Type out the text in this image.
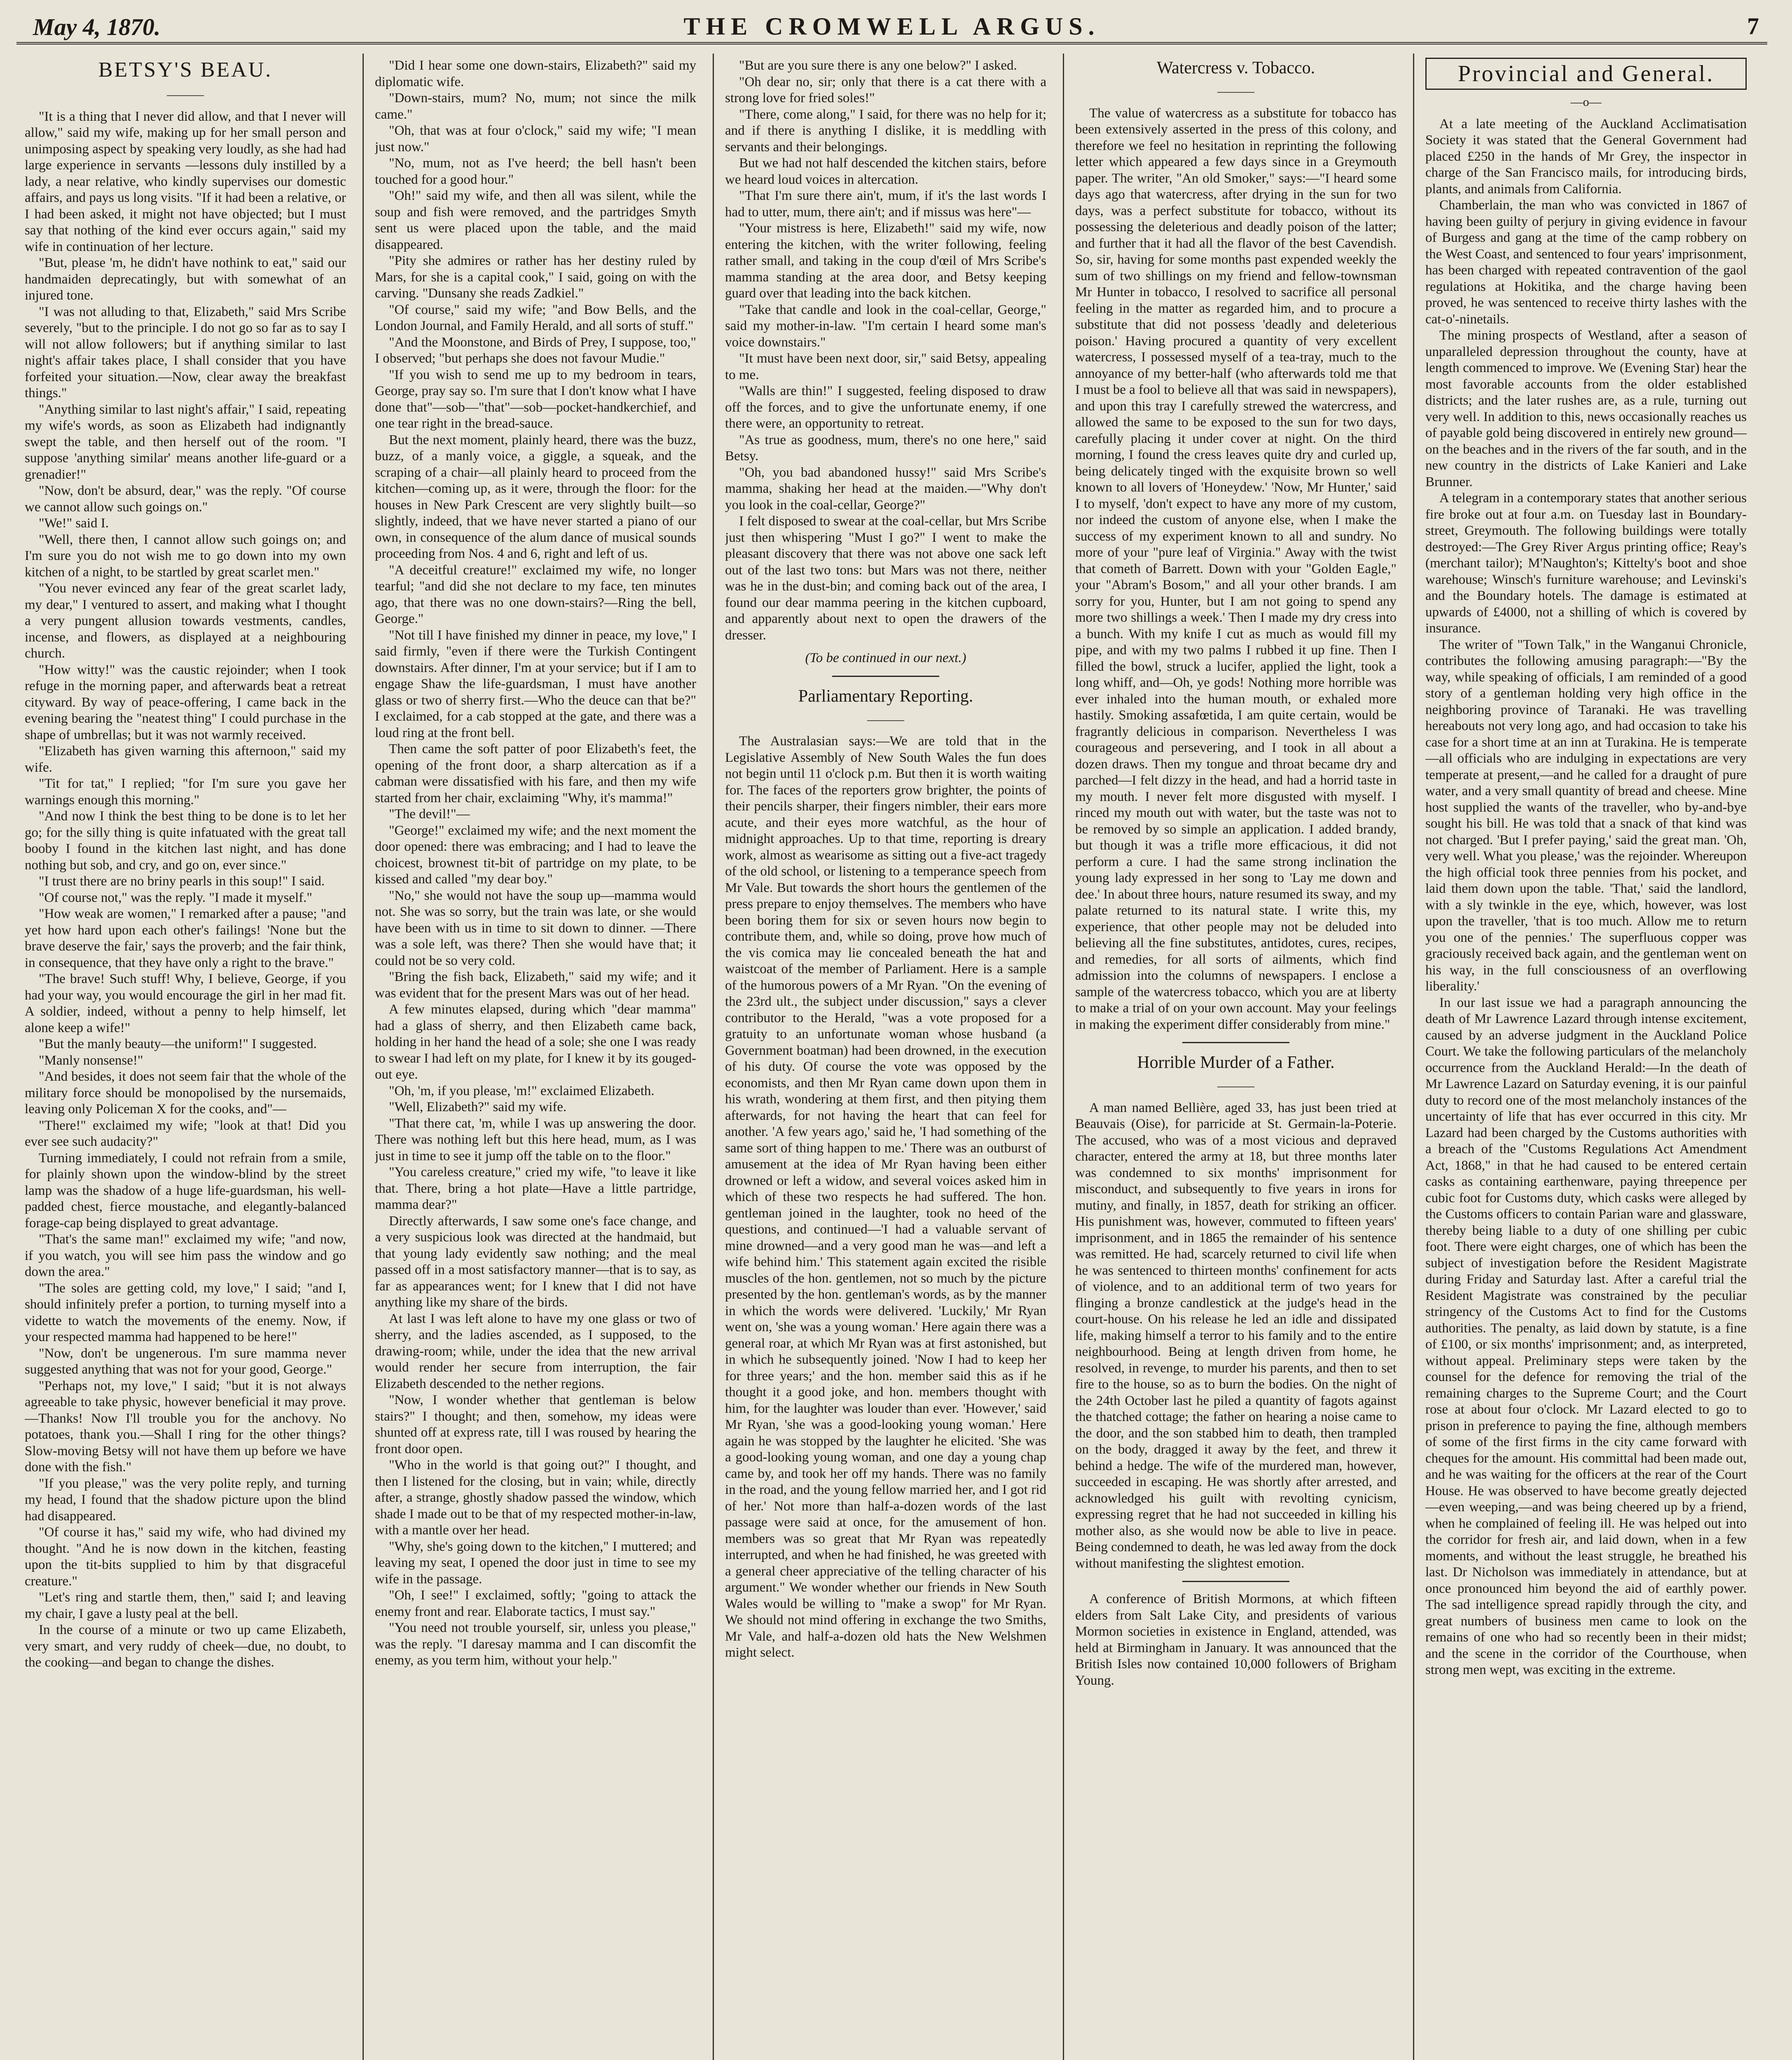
May 4, 1870.	THE CROMWELL ARGUS.	7
BETSY'S BEAU.
———

"It is a thing that I never did allow, and that I never will allow," said my wife, making up for her small person and unimposing aspect by speaking very loudly, as she had had large experience in servants —lessons duly instilled by a lady, a near relative, who kindly supervises our domestic affairs, and pays us long visits. "If it had been a relative, or I had been asked, it might not have objected; but I must say that nothing of the kind ever occurs again," said my wife in continuation of her lecture.

"But, please 'm, he didn't have nothink to eat," said our handmaiden deprecatingly, but with somewhat of an injured tone.

"I was not alluding to that, Elizabeth," said Mrs Scribe severely, "but to the principle. I do not go so far as to say I will not allow followers; but if anything similar to last night's affair takes place, I shall consider that you have forfeited your situation.—Now, clear away the breakfast things."

"Anything similar to last night's affair," I said, repeating my wife's words, as soon as Elizabeth had indignantly swept the table, and then herself out of the room. "I suppose 'anything similar' means another life-guard or a grenadier!"

"Now, don't be absurd, dear," was the reply. "Of course we cannot allow such goings on."

"We!" said I.

"Well, there then, I cannot allow such goings on; and I'm sure you do not wish me to go down into my own kitchen of a night, to be startled by great scarlet men."

"You never evinced any fear of the great scarlet lady, my dear," I ventured to assert, and making what I thought a very pungent allusion towards vestments, candles, incense, and flowers, as displayed at a neighbouring church.

"How witty!" was the caustic rejoinder; when I took refuge in the morning paper, and afterwards beat a retreat cityward. By way of peace-offering, I came back in the evening bearing the "neatest thing" I could purchase in the shape of umbrellas; but it was not warmly received.

"Elizabeth has given warning this afternoon," said my wife.

"Tit for tat," I replied; "for I'm sure you gave her warnings enough this morning."

"And now I think the best thing to be done is to let her go; for the silly thing is quite infatuated with the great tall booby I found in the kitchen last night, and has done nothing but sob, and cry, and go on, ever since."

"I trust there are no briny pearls in this soup!" I said.

"Of course not," was the reply. "I made it myself."

"How weak are women," I remarked after a pause; "and yet how hard upon each other's failings! 'None but the brave deserve the fair,' says the proverb; and the fair think, in consequence, that they have only a right to the brave."

"The brave! Such stuff! Why, I believe, George, if you had your way, you would encourage the girl in her mad fit. A soldier, indeed, without a penny to help himself, let alone keep a wife!"

"But the manly beauty—the uniform!" I suggested.

"Manly nonsense!"

"And besides, it does not seem fair that the whole of the military force should be monopolised by the nursemaids, leaving only Policeman X for the cooks, and"—

"There!" exclaimed my wife; "look at that! Did you ever see such audacity?"

Turning immediately, I could not refrain from a smile, for plainly shown upon the window-blind by the street lamp was the shadow of a huge life-guardsman, his well-padded chest, fierce moustache, and elegantly-balanced forage-cap being displayed to great advantage.

"That's the same man!" exclaimed my wife; "and now, if you watch, you will see him pass the window and go down the area."

"The soles are getting cold, my love," I said; "and I, should infinitely prefer a portion, to turning myself into a vidette to watch the movements of the enemy. Now, if your respected mamma had happened to be here!"

"Now, don't be ungenerous. I'm sure mamma never suggested anything that was not for your good, George."

"Perhaps not, my love," I said; "but it is not always agreeable to take physic, however beneficial it may prove.—Thanks! Now I'll trouble you for the anchovy. No potatoes, thank you.—Shall I ring for the other things? Slow-moving Betsy will not have them up before we have done with the fish."

"If you please," was the very polite reply, and turning my head, I found that the shadow picture upon the blind had disappeared.

"Of course it has," said my wife, who had divined my thought. "And he is now down in the kitchen, feasting upon the tit-bits supplied to him by that disgraceful creature."

"Let's ring and startle them, then," said I; and leaving my chair, I gave a lusty peal at the bell.

In the course of a minute or two up came Elizabeth, very smart, and very ruddy of cheek—due, no doubt, to the cooking—and began to change the dishes.

"Did I hear some one down-stairs, Elizabeth?" said my diplomatic wife.

"Down-stairs, mum? No, mum; not since the milk came."

"Oh, that was at four o'clock," said my wife; "I mean just now."

"No, mum, not as I've heerd; the bell hasn't been touched for a good hour."

"Oh!" said my wife, and then all was silent, while the soup and fish were removed, and the partridges Smyth sent us were placed upon the table, and the maid disappeared.

"Pity she admires or rather has her destiny ruled by Mars, for she is a capital cook," I said, going on with the carving. "Dunsany she reads Zadkiel."

"Of course," said my wife; "and Bow Bells, and the London Journal, and Family Herald, and all sorts of stuff."

"And the Moonstone, and Birds of Prey, I suppose, too," I observed; "but perhaps she does not favour Mudie."

"If you wish to send me up to my bedroom in tears, George, pray say so. I'm sure that I don't know what I have done that"—sob—"that"—sob—pocket-handkerchief, and one tear right in the bread-sauce.

But the next moment, plainly heard, there was the buzz, buzz, of a manly voice, a giggle, a squeak, and the scraping of a chair—all plainly heard to proceed from the kitchen—coming up, as it were, through the floor: for the houses in New Park Crescent are very slightly built—so slightly, indeed, that we have never started a piano of our own, in consequence of the alum dance of musical sounds proceeding from Nos. 4 and 6, right and left of us.

"A deceitful creature!" exclaimed my wife, no longer tearful; "and did she not declare to my face, ten minutes ago, that there was no one down-stairs?—Ring the bell, George."

"Not till I have finished my dinner in peace, my love," I said firmly, "even if there were the Turkish Contingent downstairs. After dinner, I'm at your service; but if I am to engage Shaw the life-guardsman, I must have another glass or two of sherry first.—Who the deuce can that be?" I exclaimed, for a cab stopped at the gate, and there was a loud ring at the front bell.

Then came the soft patter of poor Elizabeth's feet, the opening of the front door, a sharp altercation as if a cabman were dissatisfied with his fare, and then my wife started from her chair, exclaiming "Why, it's mamma!"

"The devil!"—

"George!" exclaimed my wife; and the next moment the door opened: there was embracing; and I had to leave the choicest, brownest tit-bit of partridge on my plate, to be kissed and called "my dear boy."

"No," she would not have the soup up—mamma would not. She was so sorry, but the train was late, or she would have been with us in time to sit down to dinner. —There was a sole left, was there? Then she would have that; it could not be so very cold.

"Bring the fish back, Elizabeth," said my wife; and it was evident that for the present Mars was out of her head.

A few minutes elapsed, during which "dear mamma" had a glass of sherry, and then Elizabeth came back, holding in her hand the head of a sole; she one I was ready to swear I had left on my plate, for I knew it by its gouged-out eye.

"Oh, 'm, if you please, 'm!" exclaimed Elizabeth.

"Well, Elizabeth?" said my wife.

"That there cat, 'm, while I was up answering the door. There was nothing left but this here head, mum, as I was just in time to see it jump off the table on to the floor."

"You careless creature," cried my wife, "to leave it like that. There, bring a hot plate—Have a little partridge, mamma dear?"

Directly afterwards, I saw some one's face change, and a very suspicious look was directed at the handmaid, but that young lady evidently saw nothing; and the meal passed off in a most satisfactory manner—that is to say, as far as appearances went; for I knew that I did not have anything like my share of the birds.

At last I was left alone to have my one glass or two of sherry, and the ladies ascended, as I supposed, to the drawing-room; while, under the idea that the new arrival would render her secure from interruption, the fair Elizabeth descended to the nether regions.

"Now, I wonder whether that gentleman is below stairs?" I thought; and then, somehow, my ideas were shunted off at express rate, till I was roused by hearing the front door open.

"Who in the world is that going out?" I thought, and then I listened for the closing, but in vain; while, directly after, a strange, ghostly shadow passed the window, which shade I made out to be that of my respected mother-in-law, with a mantle over her head.

"Why, she's going down to the kitchen," I muttered; and leaving my seat, I opened the door just in time to see my wife in the passage.

"Oh, I see!" I exclaimed, softly; "going to attack the enemy front and rear. Elaborate tactics, I must say."

"You need not trouble yourself, sir, unless you please," was the reply. "I daresay mamma and I can discomfit the enemy, as you term him, without your help."

"But are you sure there is any one below?" I asked.

"Oh dear no, sir; only that there is a cat there with a strong love for fried soles!"

"There, come along," I said, for there was no help for it; and if there is anything I dislike, it is meddling with servants and their belongings.

But we had not half descended the kitchen stairs, before we heard loud voices in altercation.

"That I'm sure there ain't, mum, if it's the last words I had to utter, mum, there ain't; and if missus was here"—

"Your mistress is here, Elizabeth!" said my wife, now entering the kitchen, with the writer following, feeling rather small, and taking in the coup d'œil of Mrs Scribe's mamma standing at the area door, and Betsy keeping guard over that leading into the back kitchen.

"Take that candle and look in the coal-cellar, George," said my mother-in-law. "I'm certain I heard some man's voice downstairs."

"It must have been next door, sir," said Betsy, appealing to me.

"Walls are thin!" I suggested, feeling disposed to draw off the forces, and to give the unfortunate enemy, if one there were, an opportunity to retreat.

"As true as goodness, mum, there's no one here," said Betsy.

"Oh, you bad abandoned hussy!" said Mrs Scribe's mamma, shaking her head at the maiden.—"Why don't you look in the coal-cellar, George?"

I felt disposed to swear at the coal-cellar, but Mrs Scribe just then whispering "Must I go?" I went to make the pleasant discovery that there was not above one sack left out of the last two tons: but Mars was not there, neither was he in the dust-bin; and coming back out of the area, I found our dear mamma peering in the kitchen cupboard, and apparently about next to open the drawers of the dresser.

(To be continued in our next.)

Parliamentary Reporting.
———

The Australasian says:—We are told that in the Legislative Assembly of New South Wales the fun does not begin until 11 o'clock p.m. But then it is worth waiting for. The faces of the reporters grow brighter, the points of their pencils sharper, their fingers nimbler, their ears more acute, and their eyes more watchful, as the hour of midnight approaches. Up to that time, reporting is dreary work, almost as wearisome as sitting out a five-act tragedy of the old school, or listening to a temperance speech from Mr Vale. But towards the short hours the gentlemen of the press prepare to enjoy themselves. The members who have been boring them for six or seven hours now begin to contribute them, and, while so doing, prove how much of the vis comica may lie concealed beneath the hat and waistcoat of the member of Parliament. Here is a sample of the humorous powers of a Mr Ryan. "On the evening of the 23rd ult., the subject under discussion," says a clever contributor to the Herald, "was a vote proposed for a gratuity to an unfortunate woman whose husband (a Government boatman) had been drowned, in the execution of his duty. Of course the vote was opposed by the economists, and then Mr Ryan came down upon them in his wrath, wondering at them first, and then pitying them afterwards, for not having the heart that can feel for another. 'A few years ago,' said he, 'I had something of the same sort of thing happen to me.' There was an outburst of amusement at the idea of Mr Ryan having been either drowned or left a widow, and several voices asked him in which of these two respects he had suffered. The hon. gentleman joined in the laughter, took no heed of the questions, and continued—'I had a valuable servant of mine drowned—and a very good man he was—and left a wife behind him.' This statement again excited the risible muscles of the hon. gentlemen, not so much by the picture presented by the hon. gentleman's words, as by the manner in which the words were delivered. 'Luckily,' Mr Ryan went on, 'she was a young woman.' Here again there was a general roar, at which Mr Ryan was at first astonished, but in which he subsequently joined. 'Now I had to keep her for three years;' and the hon. member said this as if he thought it a good joke, and hon. members thought with him, for the laughter was louder than ever. 'However,' said Mr Ryan, 'she was a good-looking young woman.' Here again he was stopped by the laughter he elicited. 'She was a good-looking young woman, and one day a young chap came by, and took her off my hands. There was no family in the road, and the young fellow married her, and I got rid of her.' Not more than half-a-dozen words of the last passage were said at once, for the amusement of hon. members was so great that Mr Ryan was repeatedly interrupted, and when he had finished, he was greeted with a general cheer appreciative of the telling character of his argument." We wonder whether our friends in New South Wales would be willing to "make a swop" for Mr Ryan. We should not mind offering in exchange the two Smiths, Mr Vale, and half-a-dozen old hats the New Welshmen might select.

Watercress v. Tobacco.
———

The value of watercress as a substitute for tobacco has been extensively asserted in the press of this colony, and therefore we feel no hesitation in reprinting the following letter which appeared a few days since in a Greymouth paper. The writer, "An old Smoker," says:—"I heard some days ago that watercress, after drying in the sun for two days, was a perfect substitute for tobacco, without its possessing the deleterious and deadly poison of the latter; and further that it had all the flavor of the best Cavendish. So, sir, having for some months past expended weekly the sum of two shillings on my friend and fellow-townsman Mr Hunter in tobacco, I resolved to sacrifice all personal feeling in the matter as regarded him, and to procure a substitute that did not possess 'deadly and deleterious poison.' Having procured a quantity of very excellent watercress, I possessed myself of a tea-tray, much to the annoyance of my better-half (who afterwards told me that I must be a fool to believe all that was said in newspapers), and upon this tray I carefully strewed the watercress, and allowed the same to be exposed to the sun for two days, carefully placing it under cover at night. On the third morning, I found the cress leaves quite dry and curled up, being delicately tinged with the exquisite brown so well known to all lovers of 'Honeydew.' 'Now, Mr Hunter,' said I to myself, 'don't expect to have any more of my custom, nor indeed the custom of anyone else, when I make the success of my experiment known to all and sundry. No more of your "pure leaf of Virginia." Away with the twist that cometh of Barrett. Down with your "Golden Eagle," your "Abram's Bosom," and all your other brands. I am sorry for you, Hunter, but I am not going to spend any more two shillings a week.' Then I made my dry cress into a bunch. With my knife I cut as much as would fill my pipe, and with my two palms I rubbed it up fine. Then I filled the bowl, struck a lucifer, applied the light, took a long whiff, and—Oh, ye gods! Nothing more horrible was ever inhaled into the human mouth, or exhaled more hastily. Smoking assafœtida, I am quite certain, would be fragrantly delicious in comparison. Nevertheless I was courageous and persevering, and I took in all about a dozen draws. Then my tongue and throat became dry and parched—I felt dizzy in the head, and had a horrid taste in my mouth. I never felt more disgusted with myself. I rinced my mouth out with water, but the taste was not to be removed by so simple an application. I added brandy, but though it was a trifle more efficacious, it did not perform a cure. I had the same strong inclination the young lady expressed in her song to 'Lay me down and dee.' In about three hours, nature resumed its sway, and my palate returned to its natural state. I write this, my experience, that other people may not be deluded into believing all the fine substitutes, antidotes, cures, recipes, and remedies, for all sorts of ailments, which find admission into the columns of newspapers. I enclose a sample of the watercress tobacco, which you are at liberty to make a trial of on your own account. May your feelings in making the experiment differ considerably from mine."

Horrible Murder of a Father.
———

A man named Bellière, aged 33, has just been tried at Beauvais (Oise), for parricide at St. Germain-la-Poterie. The accused, who was of a most vicious and depraved character, entered the army at 18, but three months later was condemned to six months' imprisonment for misconduct, and subsequently to five years in irons for mutiny, and finally, in 1857, death for striking an officer. His punishment was, however, commuted to fifteen years' imprisonment, and in 1865 the remainder of his sentence was remitted. He had, scarcely returned to civil life when he was sentenced to thirteen months' confinement for acts of violence, and to an additional term of two years for flinging a bronze candlestick at the judge's head in the court-house. On his release he led an idle and dissipated life, making himself a terror to his family and to the entire neighbourhood. Being at length driven from home, he resolved, in revenge, to murder his parents, and then to set fire to the house, so as to burn the bodies. On the night of the 24th October last he piled a quantity of fagots against the thatched cottage; the father on hearing a noise came to the door, and the son stabbed him to death, then trampled on the body, dragged it away by the feet, and threw it behind a hedge. The wife of the murdered man, however, succeeded in escaping. He was shortly after arrested, and acknowledged his guilt with revolting cynicism, expressing regret that he had not succeeded in killing his mother also, as she would now be able to live in peace. Being condemned to death, he was led away from the dock without manifesting the slightest emotion.

A conference of British Mormons, at which fifteen elders from Salt Lake City, and presidents of various Mormon societies in existence in England, attended, was held at Birmingham in January. It was announced that the British Isles now contained 10,000 followers of Brigham Young.

Provincial and General.
—o—

At a late meeting of the Auckland Acclimatisation Society it was stated that the General Government had placed £250 in the hands of Mr Grey, the inspector in charge of the San Francisco mails, for introducing birds, plants, and animals from California.

Chamberlain, the man who was convicted in 1867 of having been guilty of perjury in giving evidence in favour of Burgess and gang at the time of the camp robbery on the West Coast, and sentenced to four years' imprisonment, has been charged with repeated contravention of the gaol regulations at Hokitika, and the charge having been proved, he was sentenced to receive thirty lashes with the cat-o'-ninetails.

The mining prospects of Westland, after a season of unparalleled depression throughout the county, have at length commenced to improve. We (Evening Star) hear the most favorable accounts from the older established districts; and the later rushes are, as a rule, turning out very well. In addition to this, news occasionally reaches us of payable gold being discovered in entirely new ground—on the beaches and in the rivers of the far south, and in the new country in the districts of Lake Kanieri and Lake Brunner.

A telegram in a contemporary states that another serious fire broke out at four a.m. on Tuesday last in Boundary-street, Greymouth. The following buildings were totally destroyed:—The Grey River Argus printing office; Reay's (merchant tailor); M'Naughton's; Kittelty's boot and shoe warehouse; Winsch's furniture warehouse; and Levinski's and the Boundary hotels. The damage is estimated at upwards of £4000, not a shilling of which is covered by insurance.

The writer of "Town Talk," in the Wanganui Chronicle, contributes the following amusing paragraph:—"By the way, while speaking of officials, I am reminded of a good story of a gentleman holding very high office in the neighboring province of Taranaki. He was travelling hereabouts not very long ago, and had occasion to take his case for a short time at an inn at Turakina. He is temperate—all officials who are indulging in expectations are very temperate at present,—and he called for a draught of pure water, and a very small quantity of bread and cheese. Mine host supplied the wants of the traveller, who by-and-bye sought his bill. He was told that a snack of that kind was not charged. 'But I prefer paying,' said the great man. 'Oh, very well. What you please,' was the rejoinder. Whereupon the high official took three pennies from his pocket, and laid them down upon the table. 'That,' said the landlord, with a sly twinkle in the eye, which, however, was lost upon the traveller, 'that is too much. Allow me to return you one of the pennies.' The superfluous copper was graciously received back again, and the gentleman went on his way, in the full consciousness of an overflowing liberality.'

In our last issue we had a paragraph announcing the death of Mr Lawrence Lazard through intense excitement, caused by an adverse judgment in the Auckland Police Court. We take the following particulars of the melancholy occurrence from the Auckland Herald:—In the death of Mr Lawrence Lazard on Saturday evening, it is our painful duty to record one of the most melancholy instances of the uncertainty of life that has ever occurred in this city. Mr Lazard had been charged by the Customs authorities with a breach of the "Customs Regulations Act Amendment Act, 1868," in that he had caused to be entered certain casks as containing earthenware, paying threepence per cubic foot for Customs duty, which casks were alleged by the Customs officers to contain Parian ware and glassware, thereby being liable to a duty of one shilling per cubic foot. There were eight charges, one of which has been the subject of investigation before the Resident Magistrate during Friday and Saturday last. After a careful trial the Resident Magistrate was constrained by the peculiar stringency of the Customs Act to find for the Customs authorities. The penalty, as laid down by statute, is a fine of £100, or six months' imprisonment; and, as interpreted, without appeal. Preliminary steps were taken by the counsel for the defence for removing the trial of the remaining charges to the Supreme Court; and the Court rose at about four o'clock. Mr Lazard elected to go to prison in preference to paying the fine, although members of some of the first firms in the city came forward with cheques for the amount. His committal had been made out, and he was waiting for the officers at the rear of the Court House. He was observed to have become greatly dejected—even weeping,—and was being cheered up by a friend, when he complained of feeling ill. He was helped out into the corridor for fresh air, and laid down, when in a few moments, and without the least struggle, he breathed his last. Dr Nicholson was immediately in attendance, but at once pronounced him beyond the aid of earthly power. The sad intelligence spread rapidly through the city, and great numbers of business men came to look on the remains of one who had so recently been in their midst; and the scene in the corridor of the Courthouse, when strong men wept, was exciting in the extreme.
